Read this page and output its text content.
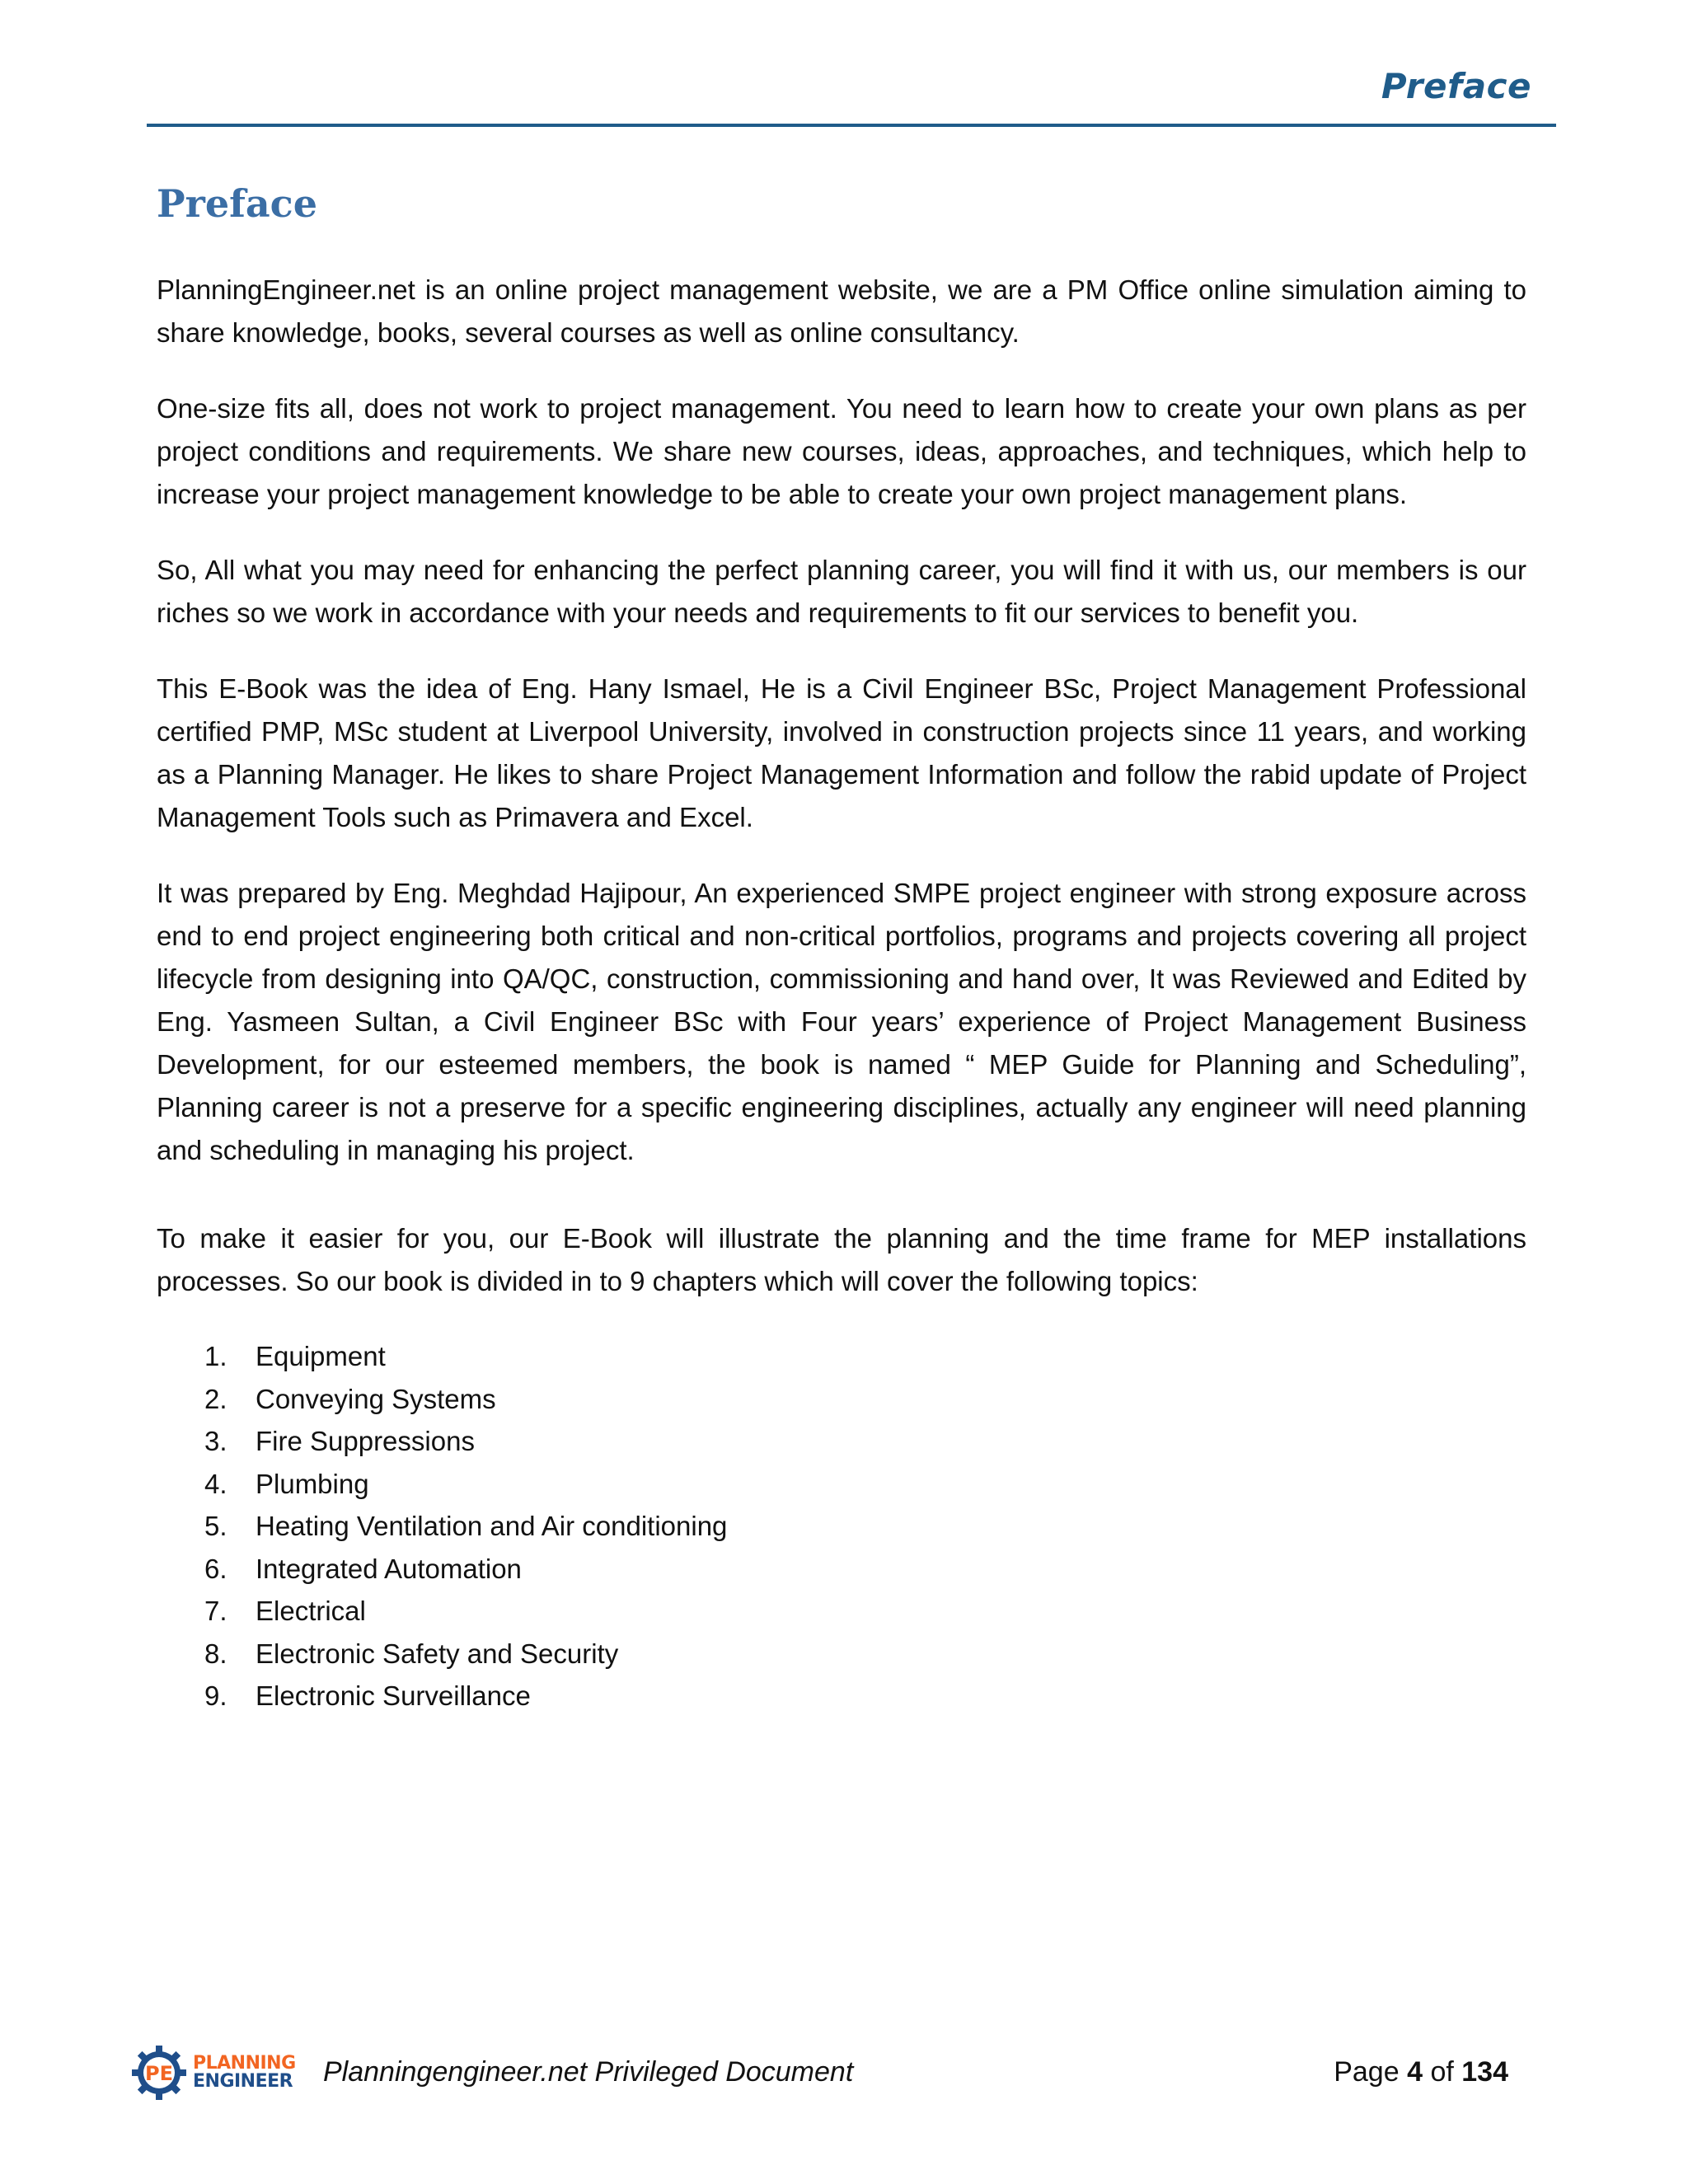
Preface
Preface

PlanningEngineer.net is an online project management website, we are a PM Office online simulation aiming to share knowledge, books, several courses as well as online consultancy.

One-size fits all, does not work to project management. You need to learn how to create your own plans as per project conditions and requirements. We share new courses, ideas, approaches, and techniques, which help to increase your project management knowledge to be able to create your own project management plans.

So, All what you may need for enhancing the perfect planning career, you will find it with us, our members is our riches so we work in accordance with your needs and requirements to fit our services to benefit you.

This E-Book was the idea of Eng. Hany Ismael, He is a Civil Engineer BSc, Project Management Professional certified PMP, MSc student at Liverpool University, involved in construction projects since 11 years, and working as a Planning Manager. He likes to share Project Management Information and follow the rabid update of Project Management Tools such as Primavera and Excel.

It was prepared by Eng. Meghdad Hajipour, An experienced SMPE project engineer with strong exposure across end to end project engineering both critical and non-critical portfolios, programs and projects covering all project lifecycle from designing into QA/QC, construction, commissioning and hand over, It was Reviewed and Edited by Eng. Yasmeen Sultan, a Civil Engineer BSc with Four years’ experience of Project Management Business Development, for our esteemed members, the book is named “ MEP Guide for Planning and Scheduling”, Planning career is not a preserve for a specific engineering disciplines, actually any engineer will need planning and scheduling in managing his project.

To make it easier for you, our E-Book will illustrate the planning and the time frame for MEP installations processes. So our book is divided in to 9 chapters which will cover the following topics:

1.	Equipment
2.	Conveying Systems
3.	Fire Suppressions
4.	Plumbing
5.	Heating Ventilation and Air conditioning
6.	Integrated Automation
7.	Electrical
8.	Electronic Safety and Security
9.	Electronic Surveillance
PE PLANNING
ENGINEER Planningengineer.net Privileged Document	Page 4 of 134
